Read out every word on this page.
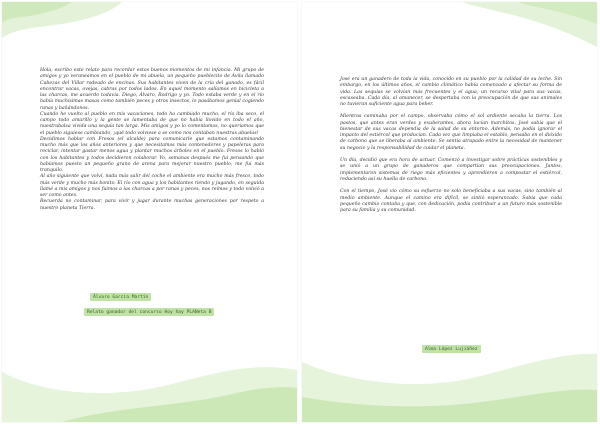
Hola, escribo este relato para recordar estos buenos momentos de mi infancia. Mi grupo de amigos y yo veraneamos en el pueblo de mi abuela, un pequeño pueblecito de Ávila llamado Cabezas del Villar rodeado de encinas. Sus habitantes viven de la cría del ganado, es fácil encontrar vacas, ovejas, cabras por todos lados. En aquel momento salíamos en bicicleta a las charcas, me acuerdo todavía. Diego, Álvaro, Rodrigo y yo. Todo estaba verde y en el río había muchísimas masas como también peces y otros insectos, lo pasábamos genial cogiendo ranas y bañándonos.

Cuando he vuelto al pueblo en mis vacaciones, todo ha cambiado mucho, el río iba seco, el campo todo amarillo y la gente se lamentaba de que no había llovido en todo el año, nuestrabalsa vivida una sequía tan larga. Mis amigos y yo lo comentamos, no queríamos que el pueblo siguiese cambiando, ¡qué todo volviese a se como nos contaban nuestras abuelas!

Decidimos hablar con Fresos (el alcalde) para comunicarle que estamos contaminando mucho más que los años anteriores y que necesitamos más contenedores y papeleras para reciclar, intentar gastar menos agua y plantar muchos árboles en el pueblo. Fresos lo habló con los habitantes y todos decidieron colaborar. Yo, semanas después me fui pensando que habíamos puesto un pequeño grano de arena para mejorar nuestro pueblo, me fui más tranquilo.

Al año siguiente que volví, nada más salir del coche el ambiente era mucho más fresco, todo más verde y mucho más bonito. El río con agua y los habitantes riendo y jugando, en seguida llamé a mis amigos y nos fuimos a las charcas a por ranas y peces, nos reímos y todo volvió a ser como antes.

Recuerda no contaminar, para vivir y jugar durante muchas generaciones por respeto a nuestro planeta Tierra.

Álvaro García Martín
Relato ganador del concurso Hoy hay PLANeta B

José era un ganadero de toda la vida, conocido en su pueblo por la calidad de su leche. Sin embargo, en los últimos años, el cambio climático había comenzado a afectar su forma de vida. Las sequías se volvían más frecuentes y el agua, un recurso vital para sus vacas, escaseaba. Cada día, al amanecer, se despertaba con la preocupación de que sus animales no tuvieran suficiente agua para beber.

Mientras caminaba por el campo, observaba cómo el sol ardiente secaba la tierra. Los pastos, que antes eran verdes y exuberantes, ahora lucían marchitos. José sabía que el bienestar de sus vacas dependía de la salud de su entorno. Además, no podía ignorar el impacto del estiércol que producían. Cada vez que limpiaba el establo, pensaba en el dióxido de carbono que se liberaba al ambiente. Se sentía atrapado entre la necesidad de mantener su negocio y la responsabilidad de cuidar el planeta.

Un día, decidió que era hora de actuar. Comenzó a investigar sobre prácticas sostenibles y se unió a un grupo de ganaderos que compartían sus preocupaciones. Juntos, implementaron sistemas de riego más eficientes y aprendieron a compostar el estiércol, reduciendo así su huella de carbono.

Con el tiempo, José vio cómo su esfuerzo no solo beneficiaba a sus vacas, sino también al medio ambiente. Aunque el camino era difícil, se sintió esperanzado. Sabía que cada pequeño cambio contaba y que, con dedicación, podía contribuir a un futuro más sostenible para su familia y su comunidad.

Alma López Lujiáñez
